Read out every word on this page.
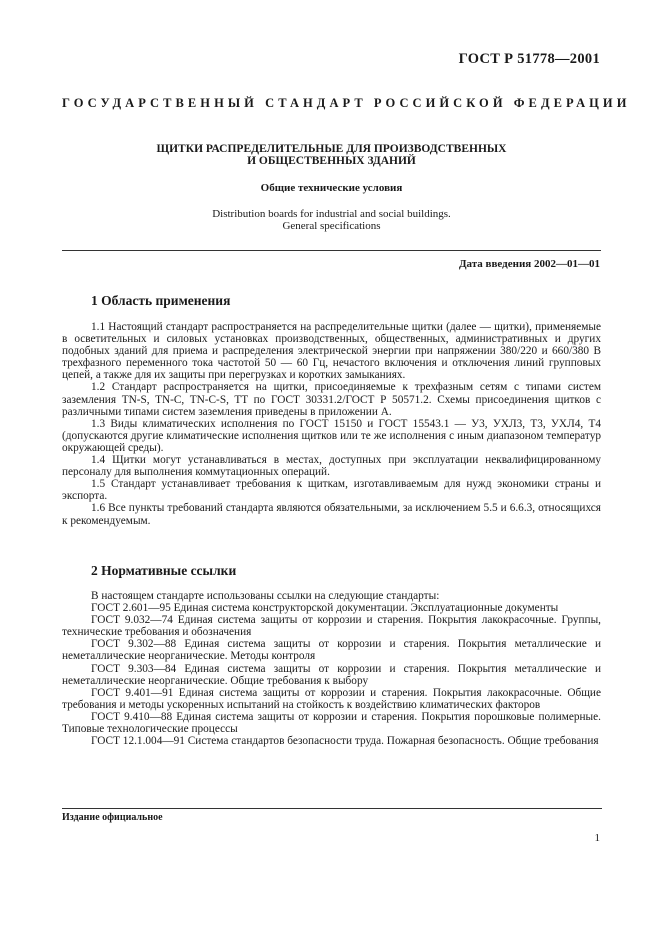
ГОСТ Р 51778—2001
ГОСУДАРСТВЕННЫЙ СТАНДАРТ РОССИЙСКОЙ ФЕДЕРАЦИИ

ЩИТКИ РАСПРЕДЕЛИТЕЛЬНЫЕ ДЛЯ ПРОИЗВОДСТВЕННЫХ

И ОБЩЕСТВЕННЫХ ЗДАНИЙ

Общие технические условия
Distribution boards for industrial and social buildings.
General specifications
Дата введения 2002—01—01
1 Область применения

1.1 Настоящий стандарт распространяется на распределительные щитки (далее — щитки), применяемые в осветительных и силовых установках производственных, общественных, административных и других подобных зданий для приема и распределения электрической энергии при напряжении 380/220 и 660/380 В трехфазного переменного тока частотой 50 — 60 Гц, нечастого включения и отключения линий групповых цепей, а также для их защиты при перегрузках и коротких замыканиях.

1.2 Стандарт распространяется на щитки, присоединяемые к трехфазным сетям с типами систем заземления TN-S, TN-C, TN-C-S, TT по ГОСТ 30331.2/ГОСТ Р 50571.2. Схемы присоединения щитков с различными типами систем заземления приведены в приложении А.

1.3 Виды климатических исполнения по ГОСТ 15150 и ГОСТ 15543.1 — У3, УХЛ3, Т3, УХЛ4, Т4 (допускаются другие климатические исполнения щитков или те же исполнения с иным диапазоном температур окружающей среды).

1.4 Щитки могут устанавливаться в местах, доступных при эксплуатации неквалифицированному персоналу для выполнения коммутационных операций.

1.5 Стандарт устанавливает требования к щиткам, изготавливаемым для нужд экономики страны и экспорта.

1.6 Все пункты требований стандарта являются обязательными, за исключением 5.5 и 6.6.3, относящихся к рекомендуемым.

2 Нормативные ссылки

В настоящем стандарте использованы ссылки на следующие стандарты:

ГОСТ 2.601—95 Единая система конструкторской документации. Эксплуатационные документы

ГОСТ 9.032—74 Единая система защиты от коррозии и старения. Покрытия лакокрасочные. Группы, технические требования и обозначения

ГОСТ 9.302—88 Единая система защиты от коррозии и старения. Покрытия металлические и неметаллические неорганические. Методы контроля

ГОСТ 9.303—84 Единая система защиты от коррозии и старения. Покрытия металлические и неметаллические неорганические. Общие требования к выбору

ГОСТ 9.401—91 Единая система защиты от коррозии и старения. Покрытия лакокрасочные. Общие требования и методы ускоренных испытаний на стойкость к воздействию климатических факторов

ГОСТ 9.410—88 Единая система защиты от коррозии и старения. Покрытия порошковые полимерные. Типовые технологические процессы

ГОСТ 12.1.004—91 Система стандартов безопасности труда. Пожарная безопасность. Общие требования

Издание официальное
1
